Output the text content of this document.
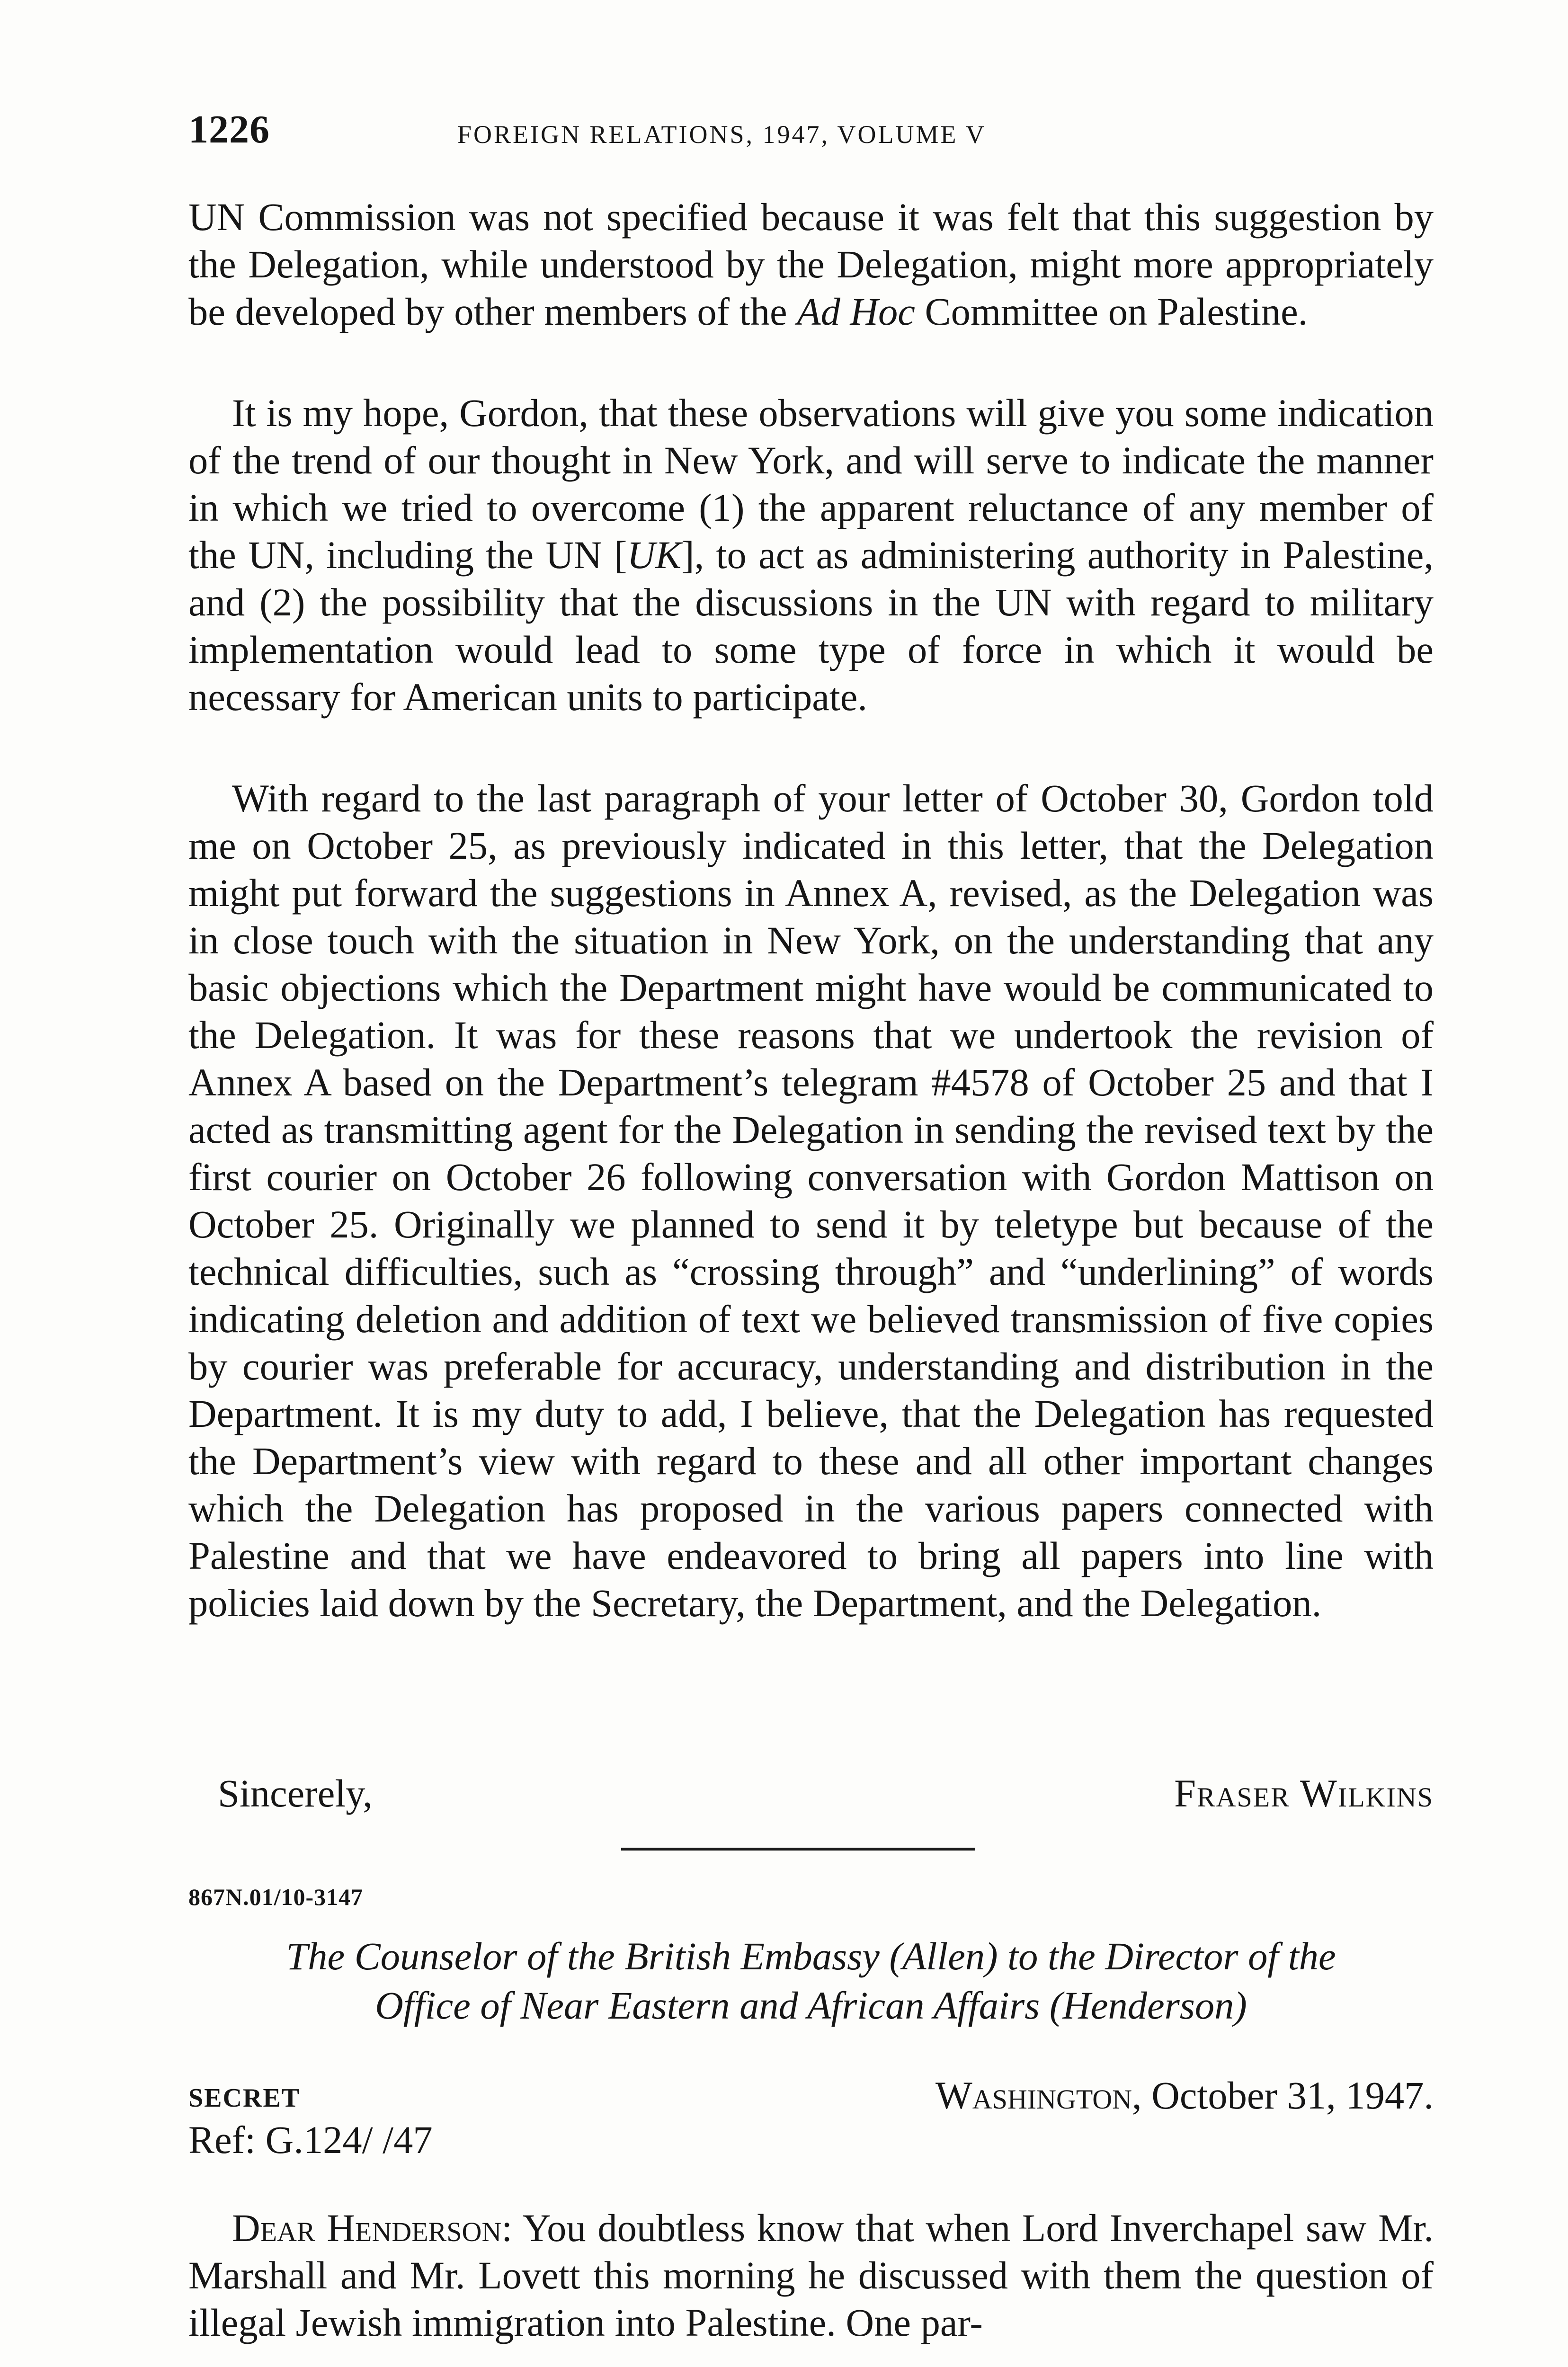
1226	FOREIGN RELATIONS, 1947, VOLUME V

UN Commission was not specified because it was felt that this suggestion by the Delegation, while understood by the Delegation, might more appropriately be developed by other members of the Ad Hoc Committee on Palestine.

It is my hope, Gordon, that these observations will give you some indication of the trend of our thought in New York, and will serve to indicate the manner in which we tried to overcome (1) the apparent reluctance of any member of the UN, including the UN [UK], to act as administering authority in Palestine, and (2) the possibility that the discussions in the UN with regard to military implementation would lead to some type of force in which it would be necessary for American units to participate.

With regard to the last paragraph of your letter of October 30, Gordon told me on October 25, as previously indicated in this letter, that the Delegation might put forward the suggestions in Annex A, revised, as the Delegation was in close touch with the situation in New York, on the understanding that any basic objections which the Department might have would be communicated to the Delegation. It was for these reasons that we undertook the revision of Annex A based on the Department’s telegram #4578 of October 25 and that I acted as transmitting agent for the Delegation in sending the revised text by the first courier on October 26 following conversation with Gordon Mattison on October 25. Originally we planned to send it by teletype but because of the technical difficulties, such as “crossing through” and “underlining” of words indicating deletion and addition of text we believed transmission of five copies by courier was preferable for accuracy, understanding and distribution in the Department. It is my duty to add, I believe, that the Delegation has requested the Department’s view with regard to these and all other important changes which the Delegation has proposed in the various papers connected with Palestine and that we have endeavored to bring all papers into line with policies laid down by the Secretary, the Department, and the Delegation.

Sincerely,	Fraser Wilkins
867N.01/10-3147
The Counselor of the British Embassy (Allen) to the Director of the
Office of Near Eastern and African Affairs (Henderson)
SECRET	Washington, October 31, 1947.
Ref: G.124/ /47

Dear Henderson: You doubtless know that when Lord Inverchapel saw Mr. Marshall and Mr. Lovett this morning he discussed with them the question of illegal Jewish immigration into Palestine. One par-
